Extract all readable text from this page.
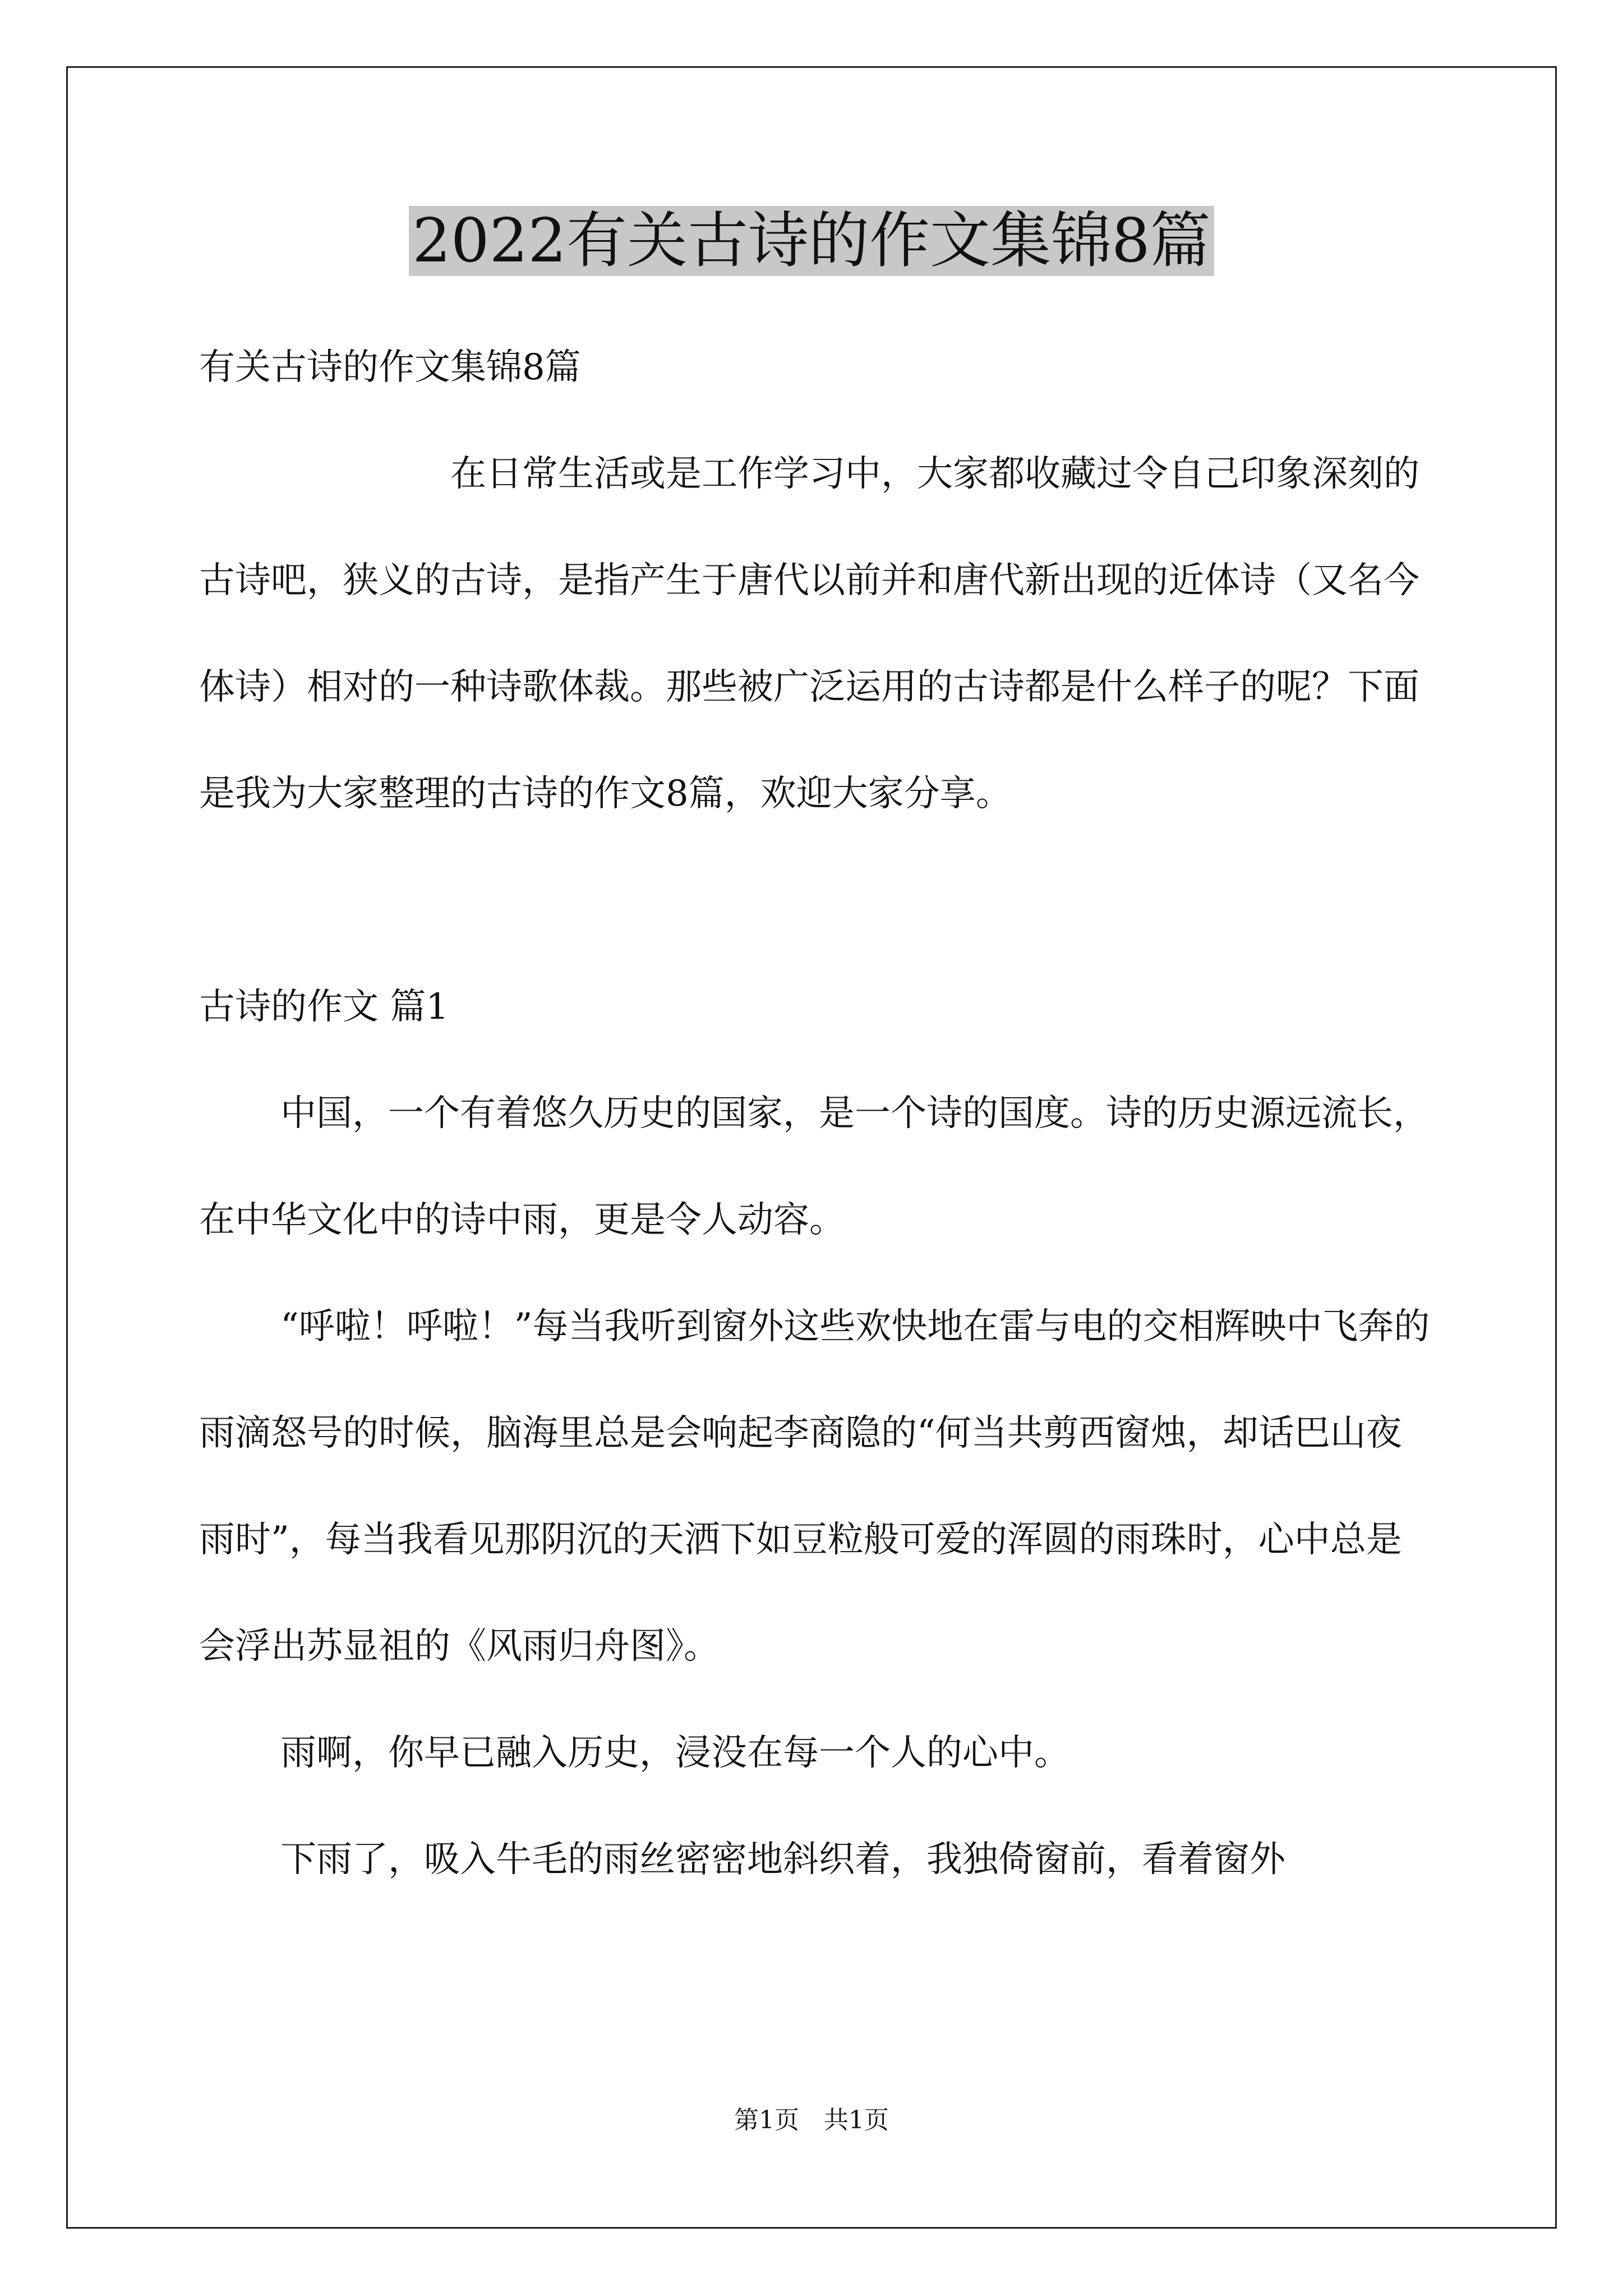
2022有关古诗的作文集锦8篇

有关古诗的作文集锦8篇

在日常生活或是工作学习中，大家都收藏过令自己印象深刻的古诗吧，狭义的古诗，是指产生于唐代以前并和唐代新出现的近体诗（又名今体诗）相对的一种诗歌体裁。那些被广泛运用的古诗都是什么样子的呢？下面是我为大家整理的古诗的作文8篇，欢迎大家分享。

古诗的作文 篇1

中国，一个有着悠久历史的国家，是一个诗的国度。诗的历史源远流长，在中华文化中的诗中雨，更是令人动容。

“呼啦！呼啦！”每当我听到窗外这些欢快地在雷与电的交相辉映中飞奔的雨滴怒号的时候，脑海里总是会响起李商隐的“何当共剪西窗烛，却话巴山夜雨时”，每当我看见那阴沉的天洒下如豆粒般可爱的浑圆的雨珠时，心中总是会浮出苏显祖的《风雨归舟图》。

雨啊，你早已融入历史，浸没在每一个人的心中。

下雨了，吸入牛毛的雨丝密密地斜织着，我独倚窗前，看着窗外

第1页　共1页
